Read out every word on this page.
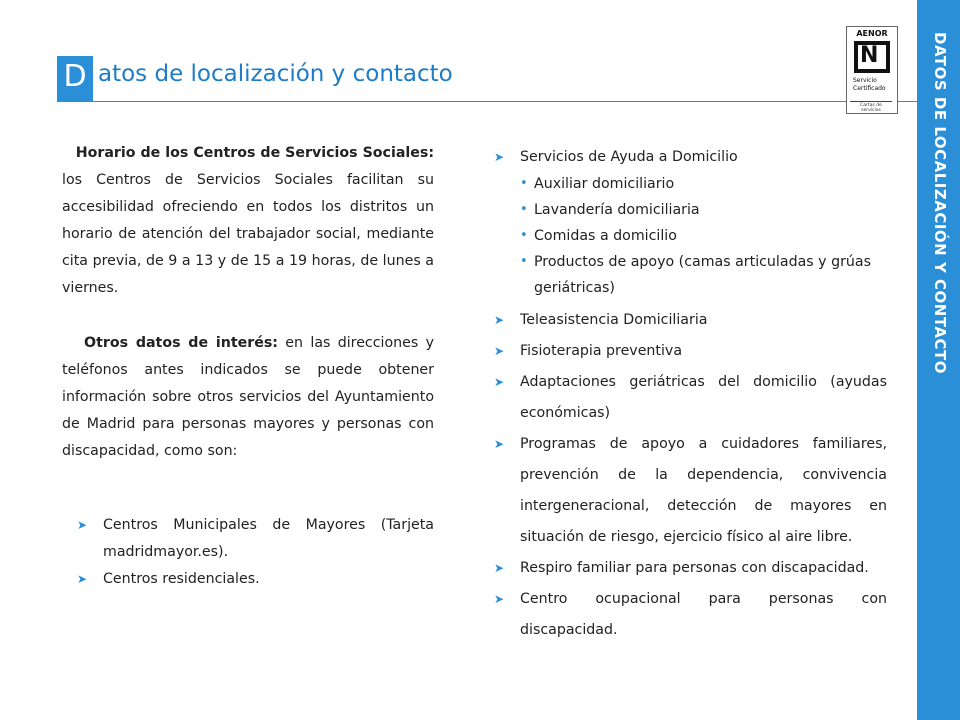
D atos de localización y contacto
AENOR
N
Servicio
Certificado
Cartas de servicios	DATOS DE LOCALIZACIÓN Y CONTACTO

Horario de los Centros de Servicios Sociales: los Centros de Servicios Sociales facilitan su accesibilidad ofreciendo en todos los distritos un horario de atención del trabajador social, mediante cita previa, de 9 a 13 y de 15 a 19 horas, de lunes a viernes.

Otros datos de interés: en las direcciones y teléfonos antes indicados se puede obtener información sobre otros servicios del Ayuntamiento de Madrid para personas mayores y personas con discapacidad, como son:

➤	Centros Municipales de Mayores (Tarjeta madridmayor.es).
➤	Centros residenciales.
➤	Servicios de Ayuda a Domicilio
• Auxiliar domiciliario
• Lavandería domiciliaria
• Comidas a domicilio
• Productos de apoyo (camas articuladas y grúas geriátricas)
➤	Teleasistencia Domiciliaria
➤	Fisioterapia preventiva
➤	Adaptaciones geriátricas del domicilio (ayudas económicas)
➤	Programas de apoyo a cuidadores familiares, prevención de la dependencia, convivencia intergeneracional, detección de mayores en situación de riesgo, ejercicio físico al aire libre.
➤	Respiro familiar para personas con discapacidad.
➤	Centro ocupacional para personas con discapacidad.
